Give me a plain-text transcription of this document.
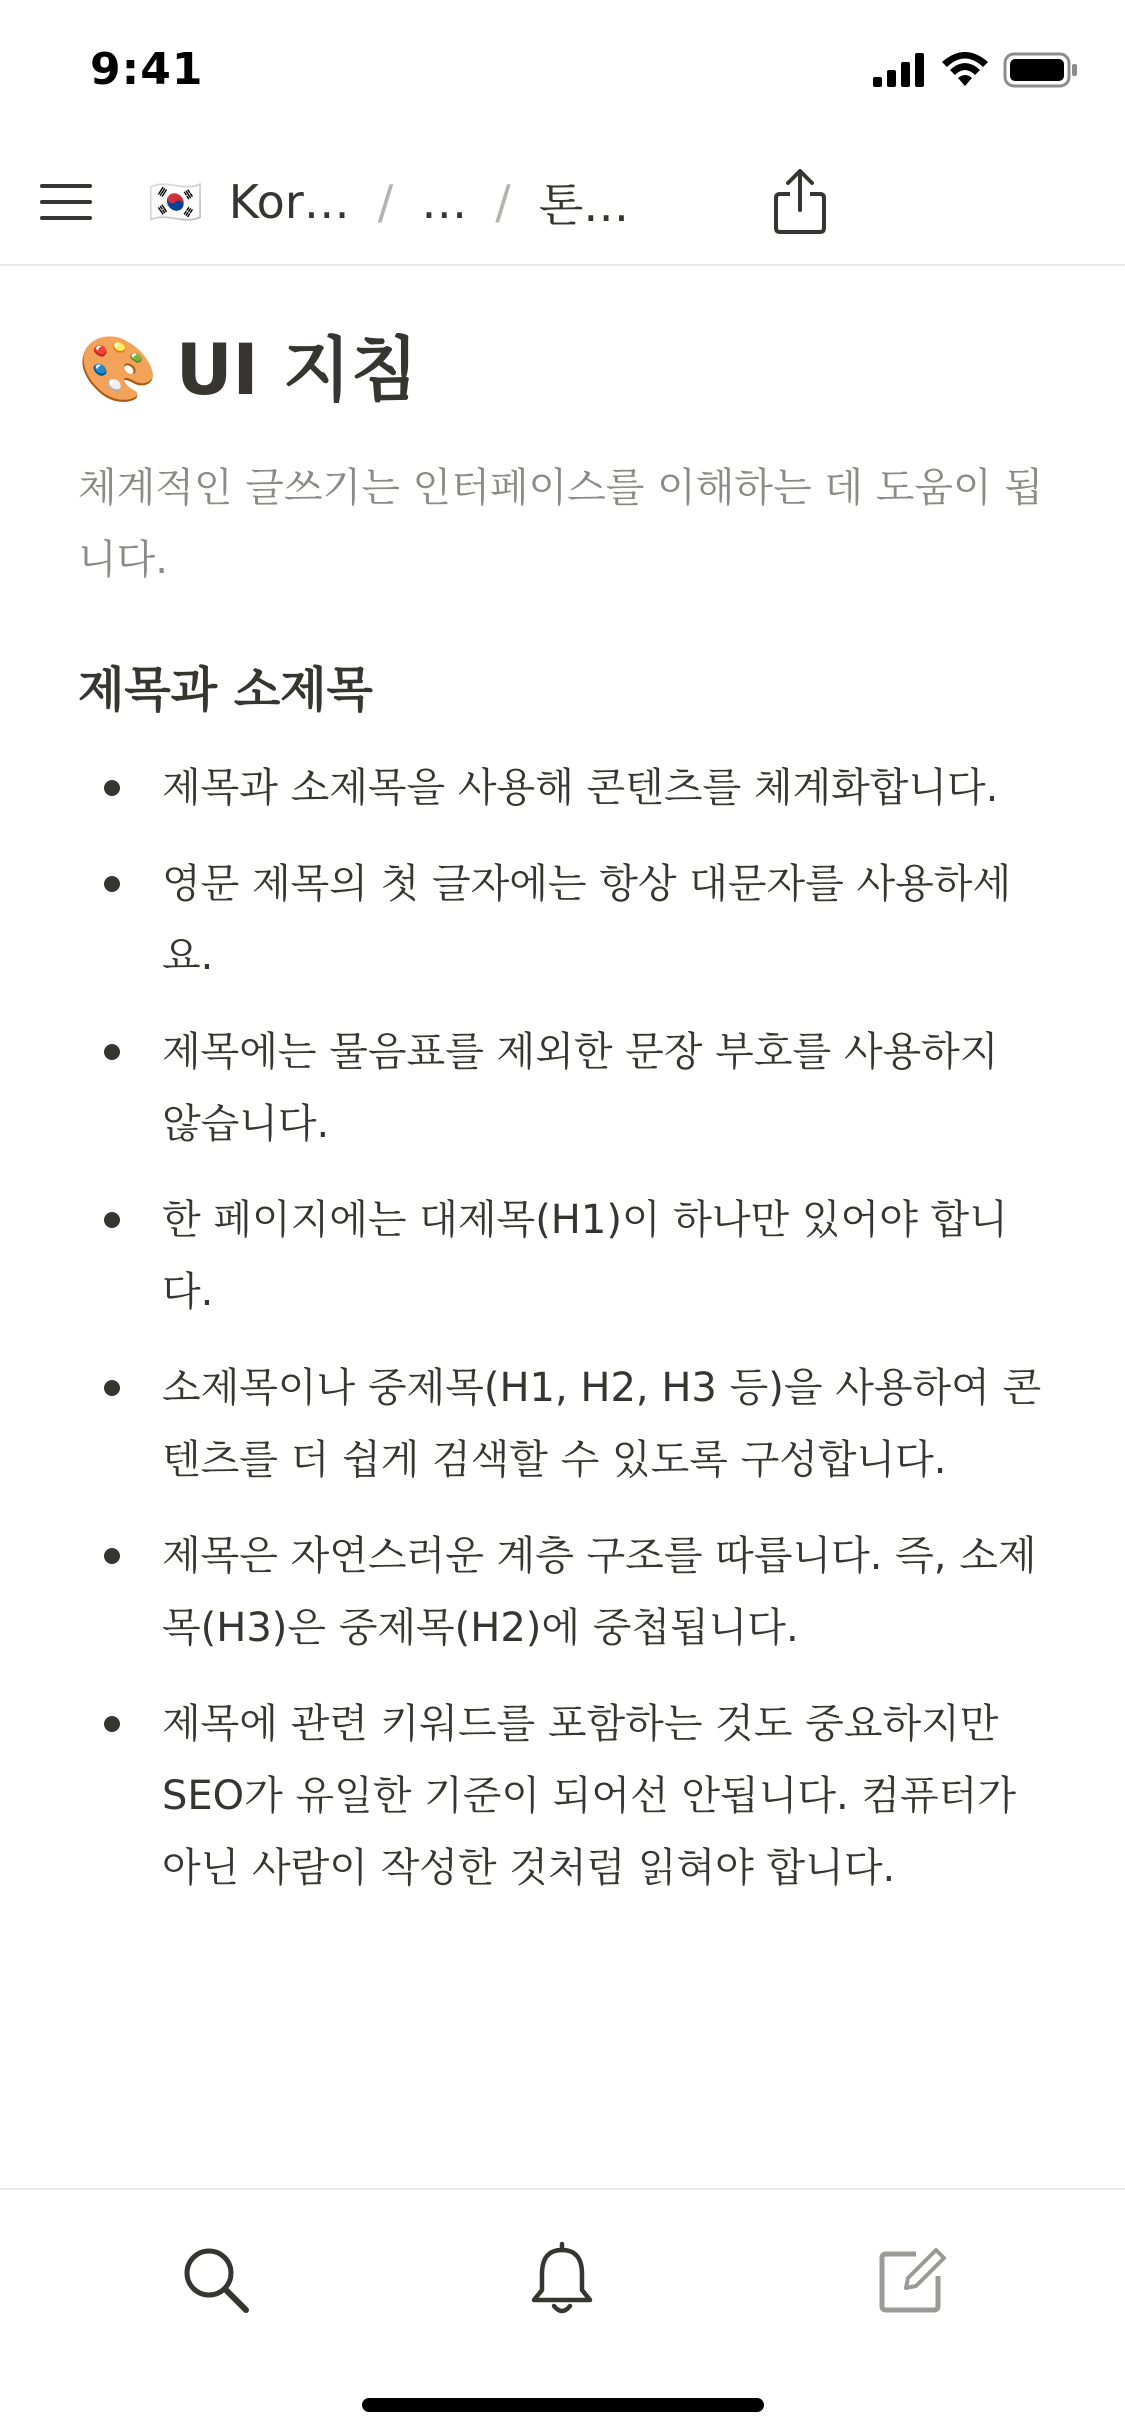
9:41
🇰🇷 Kor… / … / 톤…
🎨 UI 지침

체계적인 글쓰기는 인터페이스를 이해하는 데 도움이 됩니다.

제목과 소제목
제목과 소제목을 사용해 콘텐츠를 체계화합니다.
영문 제목의 첫 글자에는 항상 대문자를 사용하세요.
제목에는 물음표를 제외한 문장 부호를 사용하지 않습니다.
한 페이지에는 대제목(H1)이 하나만 있어야 합니다.
소제목이나 중제목(H1, H2, H3 등)을 사용하여 콘텐츠를 더 쉽게 검색할 수 있도록 구성합니다.
제목은 자연스러운 계층 구조를 따릅니다. 즉, 소제목(H3)은 중제목(H2)에 중첩됩니다.
제목에 관련 키워드를 포함하는 것도 중요하지만 SEO가 유일한 기준이 되어선 안됩니다. 컴퓨터가 아닌 사람이 작성한 것처럼 읽혀야 합니다.
